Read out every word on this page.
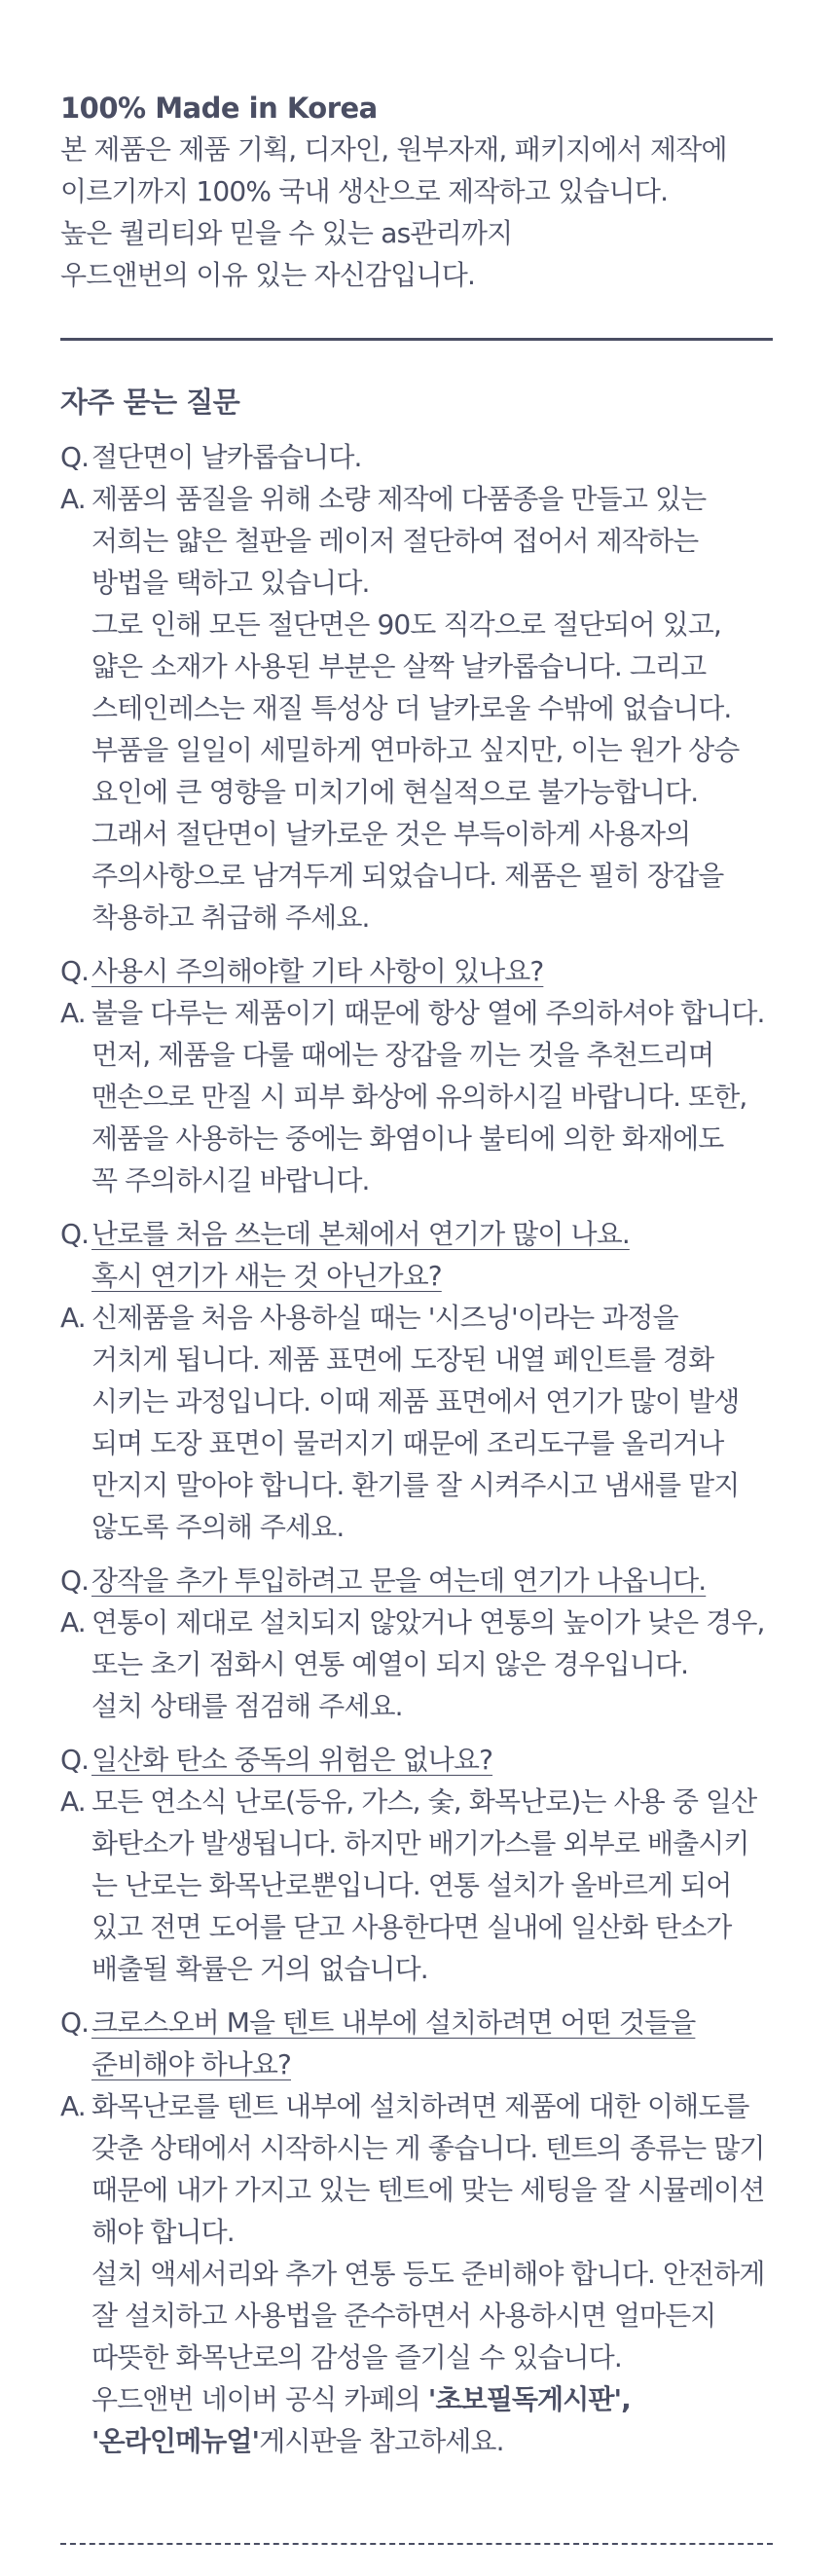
100% Made in Korea
본 제품은 제품 기획, 디자인, 원부자재, 패키지에서 제작에
이르기까지 100% 국내 생산으로 제작하고 있습니다.
높은 퀄리티와 믿을 수 있는 as관리까지
우드앤번의 이유 있는 자신감입니다.
자주 묻는 질문
Q. 절단면이 날카롭습니다.
A. 제품의 품질을 위해 소량 제작에 다품종을 만들고 있는
저희는 얇은 철판을 레이저 절단하여 접어서 제작하는
방법을 택하고 있습니다.
그로 인해 모든 절단면은 90도 직각으로 절단되어 있고,
얇은 소재가 사용된 부분은 살짝 날카롭습니다. 그리고
스테인레스는 재질 특성상 더 날카로울 수밖에 없습니다.
부품을 일일이 세밀하게 연마하고 싶지만, 이는 원가 상승
요인에 큰 영향을 미치기에 현실적으로 불가능합니다.
그래서 절단면이 날카로운 것은 부득이하게 사용자의
주의사항으로 남겨두게 되었습니다. 제품은 필히 장갑을
착용하고 취급해 주세요.
Q. 사용시 주의해야할 기타 사항이 있나요?
A. 불을 다루는 제품이기 때문에 항상 열에 주의하셔야 합니다.
먼저, 제품을 다룰 때에는 장갑을 끼는 것을 추천드리며
맨손으로 만질 시 피부 화상에 유의하시길 바랍니다. 또한,
제품을 사용하는 중에는 화염이나 불티에 의한 화재에도
꼭 주의하시길 바랍니다.
Q. 난로를 처음 쓰는데 본체에서 연기가 많이 나요.
혹시 연기가 새는 것 아닌가요?
A. 신제품을 처음 사용하실 때는 '시즈닝'이라는 과정을
거치게 됩니다. 제품 표면에 도장된 내열 페인트를 경화
시키는 과정입니다. 이때 제품 표면에서 연기가 많이 발생
되며 도장 표면이 물러지기 때문에 조리도구를 올리거나
만지지 말아야 합니다. 환기를 잘 시켜주시고 냄새를 맡지
않도록 주의해 주세요.
Q. 장작을 추가 투입하려고 문을 여는데 연기가 나옵니다.
A. 연통이 제대로 설치되지 않았거나 연통의 높이가 낮은 경우,
또는 초기 점화시 연통 예열이 되지 않은 경우입니다.
설치 상태를 점검해 주세요.
Q. 일산화 탄소 중독의 위험은 없나요?
A. 모든 연소식 난로(등유, 가스, 숯, 화목난로)는 사용 중 일산
화탄소가 발생됩니다. 하지만 배기가스를 외부로 배출시키
는 난로는 화목난로뿐입니다. 연통 설치가 올바르게 되어
있고 전면 도어를 닫고 사용한다면 실내에 일산화 탄소가
배출될 확률은 거의 없습니다.
Q. 크로스오버 M을 텐트 내부에 설치하려면 어떤 것들을
준비해야 하나요?
A. 화목난로를 텐트 내부에 설치하려면 제품에 대한 이해도를
갖춘 상태에서 시작하시는 게 좋습니다. 텐트의 종류는 많기
때문에 내가 가지고 있는 텐트에 맞는 세팅을 잘 시뮬레이션
해야 합니다.
설치 액세서리와 추가 연통 등도 준비해야 합니다. 안전하게
잘 설치하고 사용법을 준수하면서 사용하시면 얼마든지
따뜻한 화목난로의 감성을 즐기실 수 있습니다.
우드앤번 네이버 공식 카페의 '초보필독게시판',
'온라인메뉴얼'게시판을 참고하세요.
